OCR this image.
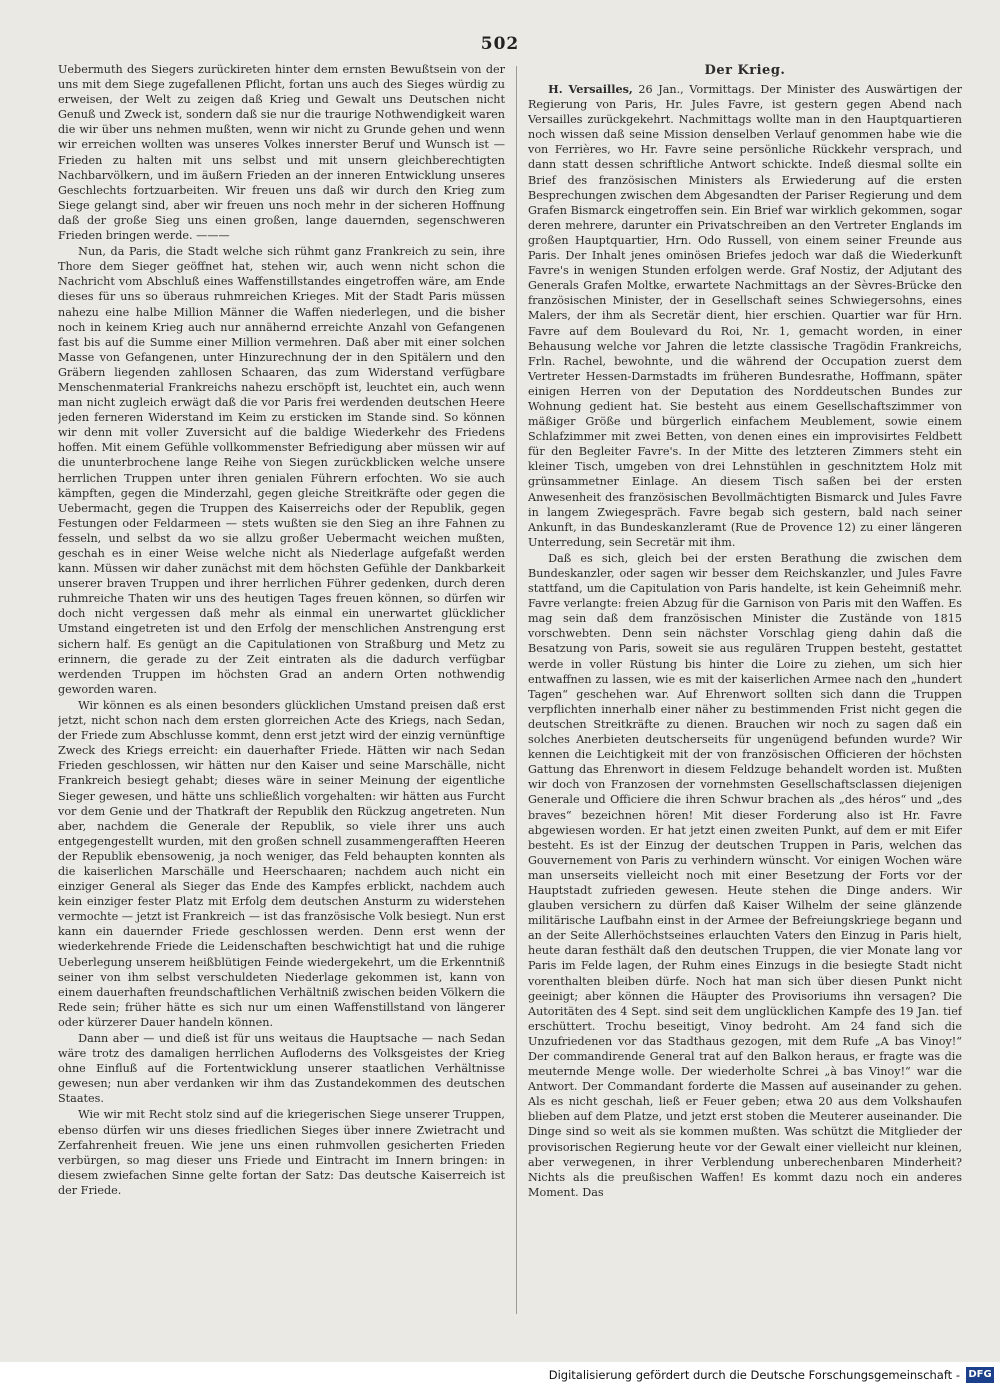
502

Uebermuth des Siegers zurückireten hinter dem ernsten Bewußtsein von der uns mit dem Siege zugefallenen Pflicht, fortan uns auch des Sieges würdig zu erweisen, der Welt zu zeigen daß Krieg und Gewalt uns Deutschen nicht Genuß und Zweck ist, sondern daß sie nur die traurige Nothwendigkeit waren die wir über uns nehmen mußten, wenn wir nicht zu Grunde gehen und wenn wir erreichen wollten was unseres Volkes innerster Beruf und Wunsch ist — Frieden zu halten mit uns selbst und mit unsern gleichberechtigten Nachbarvölkern, und im äußern Frieden an der inneren Entwicklung unseres Geschlechts fortzuarbeiten. Wir freuen uns daß wir durch den Krieg zum Siege gelangt sind, aber wir freuen uns noch mehr in der sicheren Hoffnung daß der große Sieg uns einen großen, lange dauernden, segenschweren Frieden bringen werde. ———

Nun, da Paris, die Stadt welche sich rühmt ganz Frankreich zu sein, ihre Thore dem Sieger geöffnet hat, stehen wir, auch wenn nicht schon die Nachricht vom Abschluß eines Waffenstillstandes eingetroffen wäre, am Ende dieses für uns so überaus ruhmreichen Krieges. Mit der Stadt Paris müssen nahezu eine halbe Million Männer die Waffen niederlegen, und die bisher noch in keinem Krieg auch nur annähernd erreichte Anzahl von Gefangenen fast bis auf die Summe einer Million vermehren. Daß aber mit einer solchen Masse von Gefangenen, unter Hinzurechnung der in den Spitälern und den Gräbern liegenden zahllosen Schaaren, das zum Widerstand verfügbare Menschenmaterial Frankreichs nahezu erschöpft ist, leuchtet ein, auch wenn man nicht zugleich erwägt daß die vor Paris frei werdenden deutschen Heere jeden ferneren Widerstand im Keim zu ersticken im Stande sind. So können wir denn mit voller Zuversicht auf die baldige Wiederkehr des Friedens hoffen. Mit einem Gefühle vollkommenster Befriedigung aber müssen wir auf die ununterbrochene lange Reihe von Siegen zurückblicken welche unsere herrlichen Truppen unter ihren genialen Führern erfochten. Wo sie auch kämpften, gegen die Minderzahl, gegen gleiche Streitkräfte oder gegen die Uebermacht, gegen die Truppen des Kaiserreichs oder der Republik, gegen Festungen oder Feldarmeen — stets wußten sie den Sieg an ihre Fahnen zu fesseln, und selbst da wo sie allzu großer Uebermacht weichen mußten, geschah es in einer Weise welche nicht als Niederlage aufgefaßt werden kann. Müssen wir daher zunächst mit dem höchsten Gefühle der Dankbarkeit unserer braven Truppen und ihrer herrlichen Führer gedenken, durch deren ruhmreiche Thaten wir uns des heutigen Tages freuen können, so dürfen wir doch nicht vergessen daß mehr als einmal ein unerwartet glücklicher Umstand eingetreten ist und den Erfolg der menschlichen Anstrengung erst sichern half. Es genügt an die Capitulationen von Straßburg und Metz zu erinnern, die gerade zu der Zeit eintraten als die dadurch verfügbar werdenden Truppen im höchsten Grad an andern Orten nothwendig geworden waren.

Wir können es als einen besonders glücklichen Umstand preisen daß erst jetzt, nicht schon nach dem ersten glorreichen Acte des Kriegs, nach Sedan, der Friede zum Abschlusse kommt, denn erst jetzt wird der einzig vernünftige Zweck des Kriegs erreicht: ein dauerhafter Friede. Hätten wir nach Sedan Frieden geschlossen, wir hätten nur den Kaiser und seine Marschälle, nicht Frankreich besiegt gehabt; dieses wäre in seiner Meinung der eigentliche Sieger gewesen, und hätte uns schließlich vorgehalten: wir hätten aus Furcht vor dem Genie und der Thatkraft der Republik den Rückzug angetreten. Nun aber, nachdem die Generale der Republik, so viele ihrer uns auch entgegengestellt wurden, mit den großen schnell zusammengerafften Heeren der Republik ebensowenig, ja noch weniger, das Feld behaupten konnten als die kaiserlichen Marschälle und Heerschaaren; nachdem auch nicht ein einziger General als Sieger das Ende des Kampfes erblickt, nachdem auch kein einziger fester Platz mit Erfolg dem deutschen Ansturm zu widerstehen vermochte — jetzt ist Frankreich — ist das französische Volk besiegt. Nun erst kann ein dauernder Friede geschlossen werden. Denn erst wenn der wiederkehrende Friede die Leidenschaften beschwichtigt hat und die ruhige Ueberlegung unserem heißblütigen Feinde wiedergekehrt, um die Erkenntniß seiner von ihm selbst verschuldeten Niederlage gekommen ist, kann von einem dauerhaften freundschaftlichen Verhältniß zwischen beiden Völkern die Rede sein; früher hätte es sich nur um einen Waffenstillstand von längerer oder kürzerer Dauer handeln können.

Dann aber — und dieß ist für uns weitaus die Hauptsache — nach Sedan wäre trotz des damaligen herrlichen Aufloderns des Volksgeistes der Krieg ohne Einfluß auf die Fortentwicklung unserer staatlichen Verhältnisse gewesen; nun aber verdanken wir ihm das Zustandekommen des deutschen Staates.

Wie wir mit Recht stolz sind auf die kriegerischen Siege unserer Truppen, ebenso dürfen wir uns dieses friedlichen Sieges über innere Zwietracht und Zerfahrenheit freuen. Wie jene uns einen ruhmvollen gesicherten Frieden verbürgen, so mag dieser uns Friede und Eintracht im Innern bringen: in diesem zwiefachen Sinne gelte fortan der Satz: Das deutsche Kaiserreich ist der Friede.

Der Krieg.

H. Versailles, 26 Jan., Vormittags. Der Minister des Auswärtigen der Regierung von Paris, Hr. Jules Favre, ist gestern gegen Abend nach Versailles zurückgekehrt. Nachmittags wollte man in den Hauptquartieren noch wissen daß seine Mission denselben Verlauf genommen habe wie die von Ferrières, wo Hr. Favre seine persönliche Rückkehr versprach, und dann statt dessen schriftliche Antwort schickte. Indeß diesmal sollte ein Brief des französischen Ministers als Erwiederung auf die ersten Besprechungen zwischen dem Abgesandten der Pariser Regierung und dem Grafen Bismarck eingetroffen sein. Ein Brief war wirklich gekommen, sogar deren mehrere, darunter ein Privatschreiben an den Vertreter Englands im großen Hauptquartier, Hrn. Odo Russell, von einem seiner Freunde aus Paris. Der Inhalt jenes ominösen Briefes jedoch war daß die Wiederkunft Favre's in wenigen Stunden erfolgen werde. Graf Nostiz, der Adjutant des Generals Grafen Moltke, erwartete Nachmittags an der Sèvres-Brücke den französischen Minister, der in Gesellschaft seines Schwiegersohns, eines Malers, der ihm als Secretär dient, hier erschien. Quartier war für Hrn. Favre auf dem Boulevard du Roi, Nr. 1, gemacht worden, in einer Behausung welche vor Jahren die letzte classische Tragödin Frankreichs, Frln. Rachel, bewohnte, und die während der Occupation zuerst dem Vertreter Hessen-Darmstadts im früheren Bundesrathe, Hoffmann, später einigen Herren von der Deputation des Norddeutschen Bundes zur Wohnung gedient hat. Sie besteht aus einem Gesellschaftszimmer von mäßiger Größe und bürgerlich einfachem Meublement, sowie einem Schlafzimmer mit zwei Betten, von denen eines ein improvisirtes Feldbett für den Begleiter Favre's. In der Mitte des letzteren Zimmers steht ein kleiner Tisch, umgeben von drei Lehnstühlen in geschnitztem Holz mit grünsammetner Einlage. An diesem Tisch saßen bei der ersten Anwesenheit des französischen Bevollmächtigten Bismarck und Jules Favre in langem Zwiegespräch. Favre begab sich gestern, bald nach seiner Ankunft, in das Bundeskanzleramt (Rue de Provence 12) zu einer längeren Unterredung, sein Secretär mit ihm.

Daß es sich, gleich bei der ersten Berathung die zwischen dem Bundeskanzler, oder sagen wir besser dem Reichskanzler, und Jules Favre stattfand, um die Capitulation von Paris handelte, ist kein Geheimniß mehr. Favre verlangte: freien Abzug für die Garnison von Paris mit den Waffen. Es mag sein daß dem französischen Minister die Zustände von 1815 vorschwebten. Denn sein nächster Vorschlag gieng dahin daß die Besatzung von Paris, soweit sie aus regulären Truppen besteht, gestattet werde in voller Rüstung bis hinter die Loire zu ziehen, um sich hier entwaffnen zu lassen, wie es mit der kaiserlichen Armee nach den „hundert Tagen“ geschehen war. Auf Ehrenwort sollten sich dann die Truppen verpflichten innerhalb einer näher zu bestimmenden Frist nicht gegen die deutschen Streitkräfte zu dienen. Brauchen wir noch zu sagen daß ein solches Anerbieten deutscherseits für ungenügend befunden wurde? Wir kennen die Leichtigkeit mit der von französischen Officieren der höchsten Gattung das Ehrenwort in diesem Feldzuge behandelt worden ist. Mußten wir doch von Franzosen der vornehmsten Gesellschaftsclassen diejenigen Generale und Officiere die ihren Schwur brachen als „des héros“ und „des braves“ bezeichnen hören! Mit dieser Forderung also ist Hr. Favre abgewiesen worden. Er hat jetzt einen zweiten Punkt, auf dem er mit Eifer besteht. Es ist der Einzug der deutschen Truppen in Paris, welchen das Gouvernement von Paris zu verhindern wünscht. Vor einigen Wochen wäre man unserseits vielleicht noch mit einer Besetzung der Forts vor der Hauptstadt zufrieden gewesen. Heute stehen die Dinge anders. Wir glauben versichern zu dürfen daß Kaiser Wilhelm der seine glänzende militärische Laufbahn einst in der Armee der Befreiungskriege begann und an der Seite Allerhöchstseines erlauchten Vaters den Einzug in Paris hielt, heute daran festhält daß den deutschen Truppen, die vier Monate lang vor Paris im Felde lagen, der Ruhm eines Einzugs in die besiegte Stadt nicht vorenthalten bleiben dürfe. Noch hat man sich über diesen Punkt nicht geeinigt; aber können die Häupter des Provisoriums ihn versagen? Die Autoritäten des 4 Sept. sind seit dem unglücklichen Kampfe des 19 Jan. tief erschüttert. Trochu beseitigt, Vinoy bedroht. Am 24 fand sich die Unzufriedenen vor das Stadthaus gezogen, mit dem Rufe „A bas Vinoy!“ Der commandirende General trat auf den Balkon heraus, er fragte was die meuternde Menge wolle. Der wiederholte Schrei „à bas Vinoy!“ war die Antwort. Der Commandant forderte die Massen auf auseinander zu gehen. Als es nicht geschah, ließ er Feuer geben; etwa 20 aus dem Volkshaufen blieben auf dem Platze, und jetzt erst stoben die Meuterer auseinander. Die Dinge sind so weit als sie kommen mußten. Was schützt die Mitglieder der provisorischen Regierung heute vor der Gewalt einer vielleicht nur kleinen, aber verwegenen, in ihrer Verblendung unberechenbaren Minderheit? Nichts als die preußischen Waffen! Es kommt dazu noch ein anderes Moment. Das

Digitalisierung gefördert durch die Deutsche Forschungsgemeinschaft - DFG
